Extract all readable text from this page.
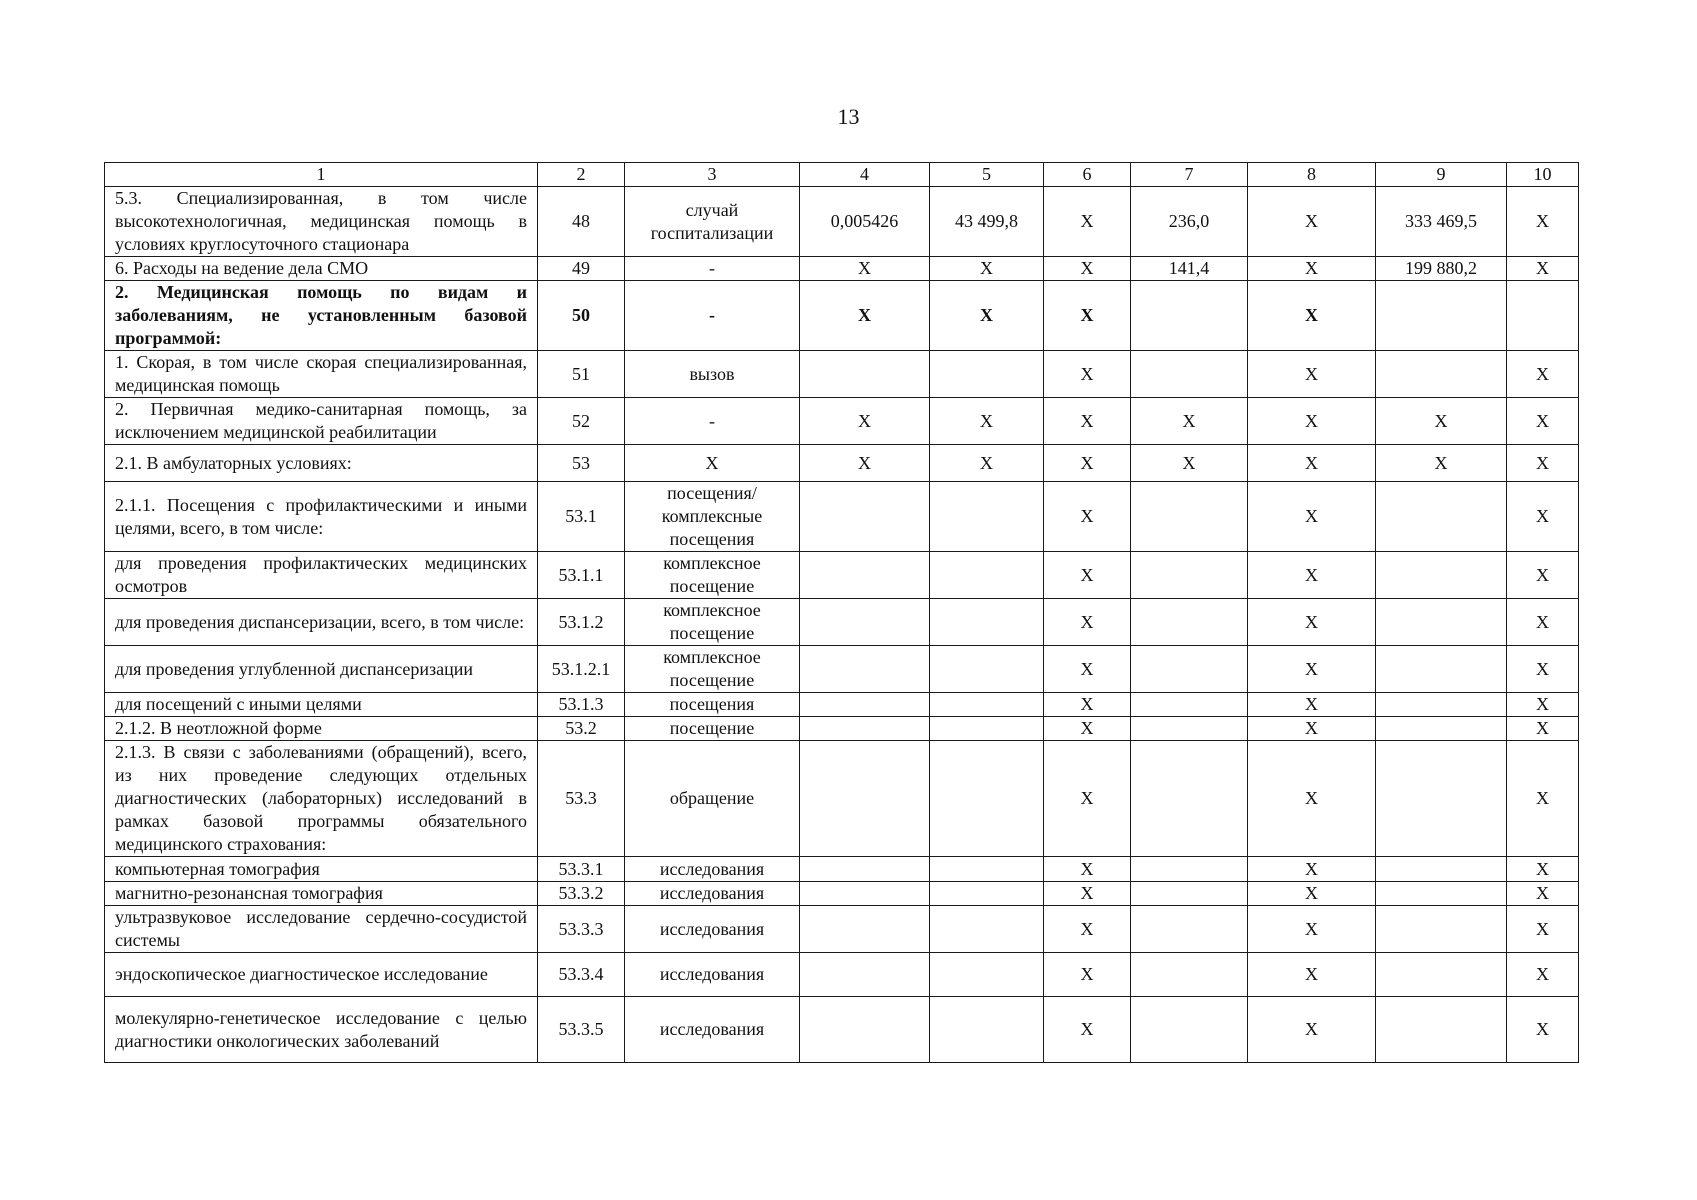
13
1	2	3	4	5	6	7	8	9	10
5.3. Специализированная, в том числе высокотехнологичная, медицинская помощь в условиях круглосуточного стационара	48	случай госпитализации	0,005426	43 499,8	X	236,0	X	333 469,5	X
6. Расходы на ведение дела СМО	49	-	X	X	X	141,4	X	199 880,2	X
2. Медицинская помощь по видам и заболеваниям, не установленным базовой программой:	50	-	X	X	X		X		
1. Скорая, в том числе скорая специализированная, медицинская помощь	51	вызов			X		X		X
2. Первичная медико-санитарная помощь, за исключением медицинской реабилитации	52	-	X	X	X	X	X	X	X
2.1. В амбулаторных условиях:	53	X	X	X	X	X	X	X	X
2.1.1. Посещения с профилактическими и иными целями, всего, в том числе:	53.1	посещения/ комплексные посещения			X		X		X
для проведения профилактических медицинских осмотров	53.1.1	комплексное посещение			X		X		X
для проведения диспансеризации, всего, в том числе:	53.1.2	комплексное посещение			X		X		X
для проведения углубленной диспансеризации	53.1.2.1	комплексное посещение			X		X		X
для посещений с иными целями	53.1.3	посещения			X		X		X
2.1.2. В неотложной форме	53.2	посещение			X		X		X
2.1.3. В связи с заболеваниями (обращений), всего, из них проведение следующих отдельных диагностических (лабораторных) исследований в рамках базовой программы обязательного медицинского страхования:	53.3	обращение			X		X		X
компьютерная томография	53.3.1	исследования			X		X		X
магнитно-резонансная томография	53.3.2	исследования			X		X		X
ультразвуковое исследование сердечно-сосудистой системы	53.3.3	исследования			X		X		X
эндоскопическое диагностическое исследование	53.3.4	исследования			X		X		X
молекулярно-генетическое исследование с целью диагностики онкологических заболеваний	53.3.5	исследования			X		X		X
